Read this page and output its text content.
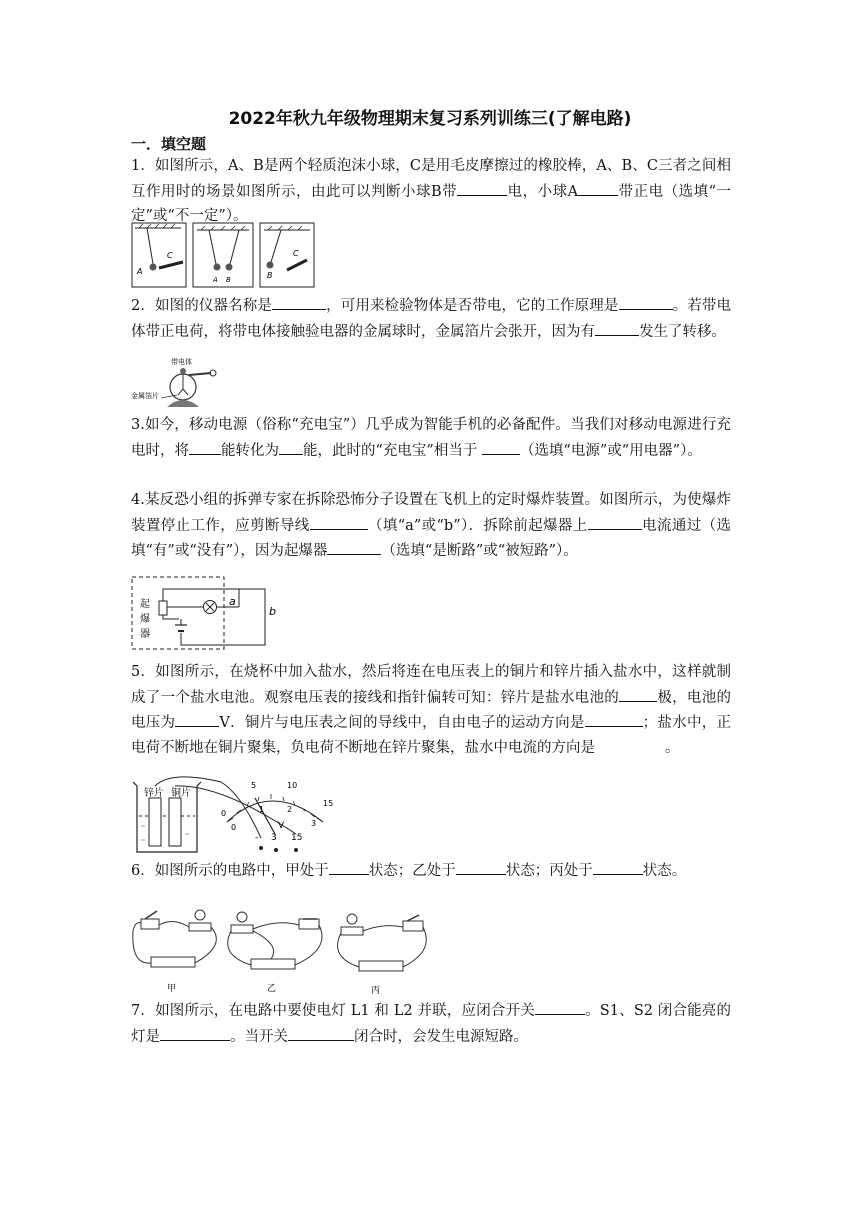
2022年秋九年级物理期末复习系列训练三(了解电路)
一．填空题
1．如图所示，A、B是两个轻质泡沫小球，C是用毛皮摩擦过的橡胶棒，A、B、C三者之间相互作用时的场景如图所示，由此可以判断小球B带	电，小球A	带正电（选填“一定”或“不一定”）。
A
C
A B	B
C
2．如图的仪器名称是	，可用来检验物体是否带电，它的工作原理是	。若带电体带正电荷，将带电体接触验电器的金属球时，金属箔片会张开，因为有	发生了转移。
带电体
金属箔片
3.如今，移动电源（俗称“充电宝”）几乎成为智能手机的必备配件。当我们对移动电源进行充电时，将 能转化为 能，此时的“充电宝”相当于	（选填“电源”或“用电器”）。
4.某反恐小组的拆弹专家在拆除恐怖分子设置在飞机上的定时爆炸装置。如图所示，为使爆炸装置停止工作，应剪断导线	（填“a”或“b”）．拆除前起爆器上	电流通过（选填“有”或“没有”），因为起爆器	（选填“是断路”或“被短路”）。
起
爆
器
a
b
5．如图所示，在烧杯中加入盐水，然后将连在电压表上的铜片和锌片插入盐水中，这样就制成了一个盐水电池。观察电压表的接线和指针偏转可知：锌片是盐水电池的	极，电池的电压为	V．铜片与电压表之间的导线中，自由电子的运动方向是	；盐水中，正电荷不断地在铜片聚集，负电荷不断地在锌片聚集，盐水中电流的方向是	。
锌片 铜片
0
5	10
15
0
1	2
3
V
- 3 15
6．如图所示的电路中，甲处于	状态；乙处于	状态；丙处于	状态。
甲	乙	丙
7．如图所示，在电路中要使电灯 L1 和 L2 并联，应闭合开关	。S1、S2 闭合能亮的灯是	。当开关	闭合时，会发生电源短路。
